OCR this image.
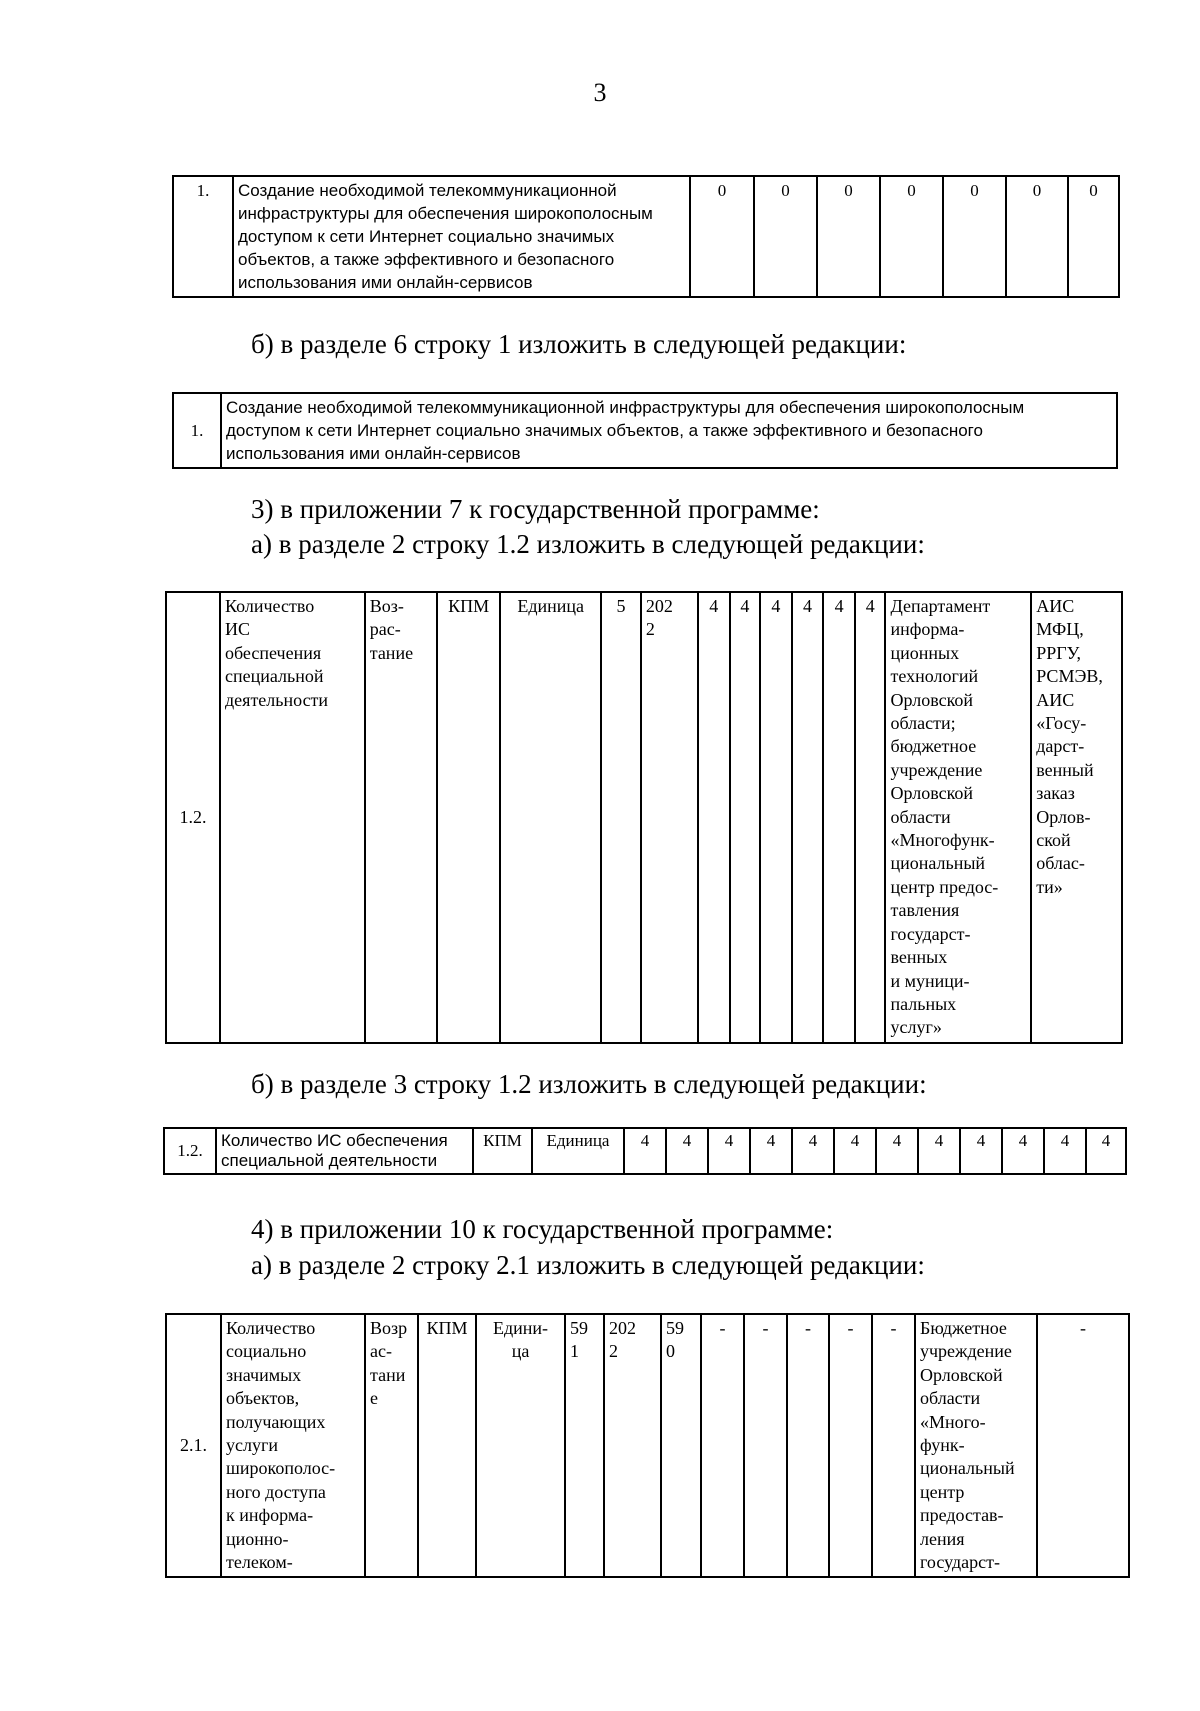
3
1.	Создание необходимой телекоммуникационной
инфраструктуры для обеспечения широкополосным
доступом к сети Интернет социально значимых
объектов, а также эффективного и безопасного
использования ими онлайн-сервисов	0	0	0	0	0	0	0
б) в разделе 6 строку 1 изложить в следующей редакции:
1.	Создание необходимой телекоммуникационной инфраструктуры для обеспечения широкополосным
доступом к сети Интернет социально значимых объектов, а также эффективного и безопасного
использования ими онлайн-сервисов
3) в приложении 7 к государственной программе:
а) в разделе 2 строку 1.2 изложить в следующей редакции:
1.2.	Количество
ИС
обеспечения
специальной
деятельности	Воз-
рас-
тание	КПМ	Единица	5	202
2	4	4	4	4	4	4	Департамент
информа-
ционных
технологий
Орловской
области;
бюджетное
учреждение
Орловской
области
«Многофунк-
циональный
центр предос-
тавления
государст-
венных
и муници-
пальных
услуг»	АИС
МФЦ,
РРГУ,
РСМЭВ,
АИС
«Госу-
дарст-
венный
заказ
Орлов-
ской
облас-
ти»
б) в разделе 3 строку 1.2 изложить в следующей редакции:
1.2.	Количество ИС обеспечения
специальной деятельности	КПМ	Единица	4	4	4	4	4	4	4	4	4	4	4	4
4) в приложении 10 к государственной программе:
а) в разделе 2 строку 2.1 изложить в следующей редакции:
2.1.	Количество
социально
значимых
объектов,
получающих
услуги
широкополос-
ного доступа
к информа-
ционно-
телеком-	Возр
ас-
тани
е	КПМ	Едини-
ца	59
1	202
2	59
0	-	-	-	-	-	Бюджетное
учреждение
Орловской
области
«Много-
функ-
циональный
центр
предостав-
ления
государст-	-
